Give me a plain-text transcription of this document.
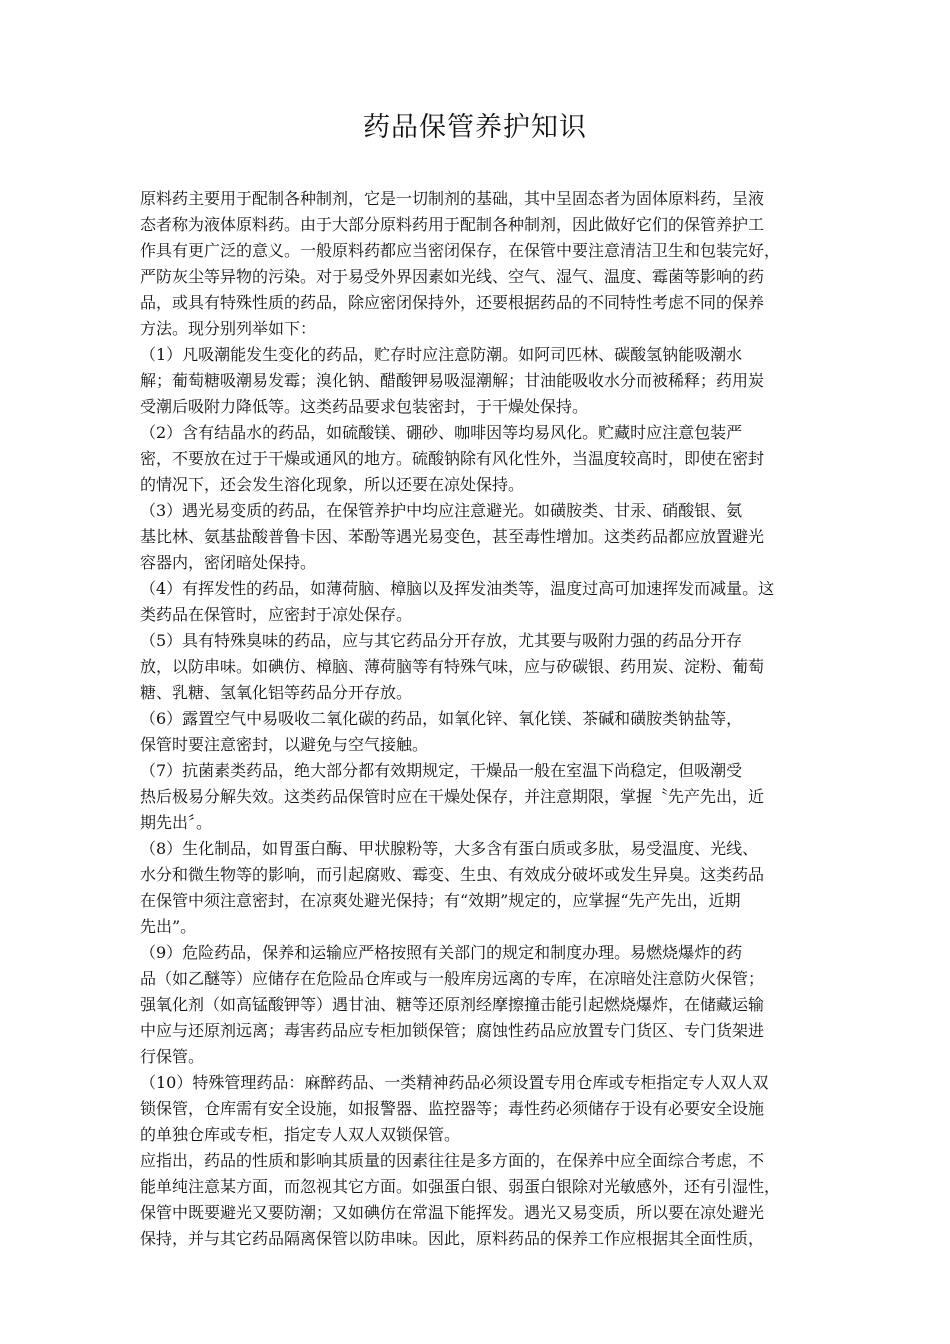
药品保管养护知识
原料药主要用于配制各种制剂，它是一切制剂的基础，其中呈固态者为固体原料药，呈液
态者称为液体原料药。由于大部分原料药用于配制各种制剂，因此做好它们的保管养护工
作具有更广泛的意义。一般原料药都应当密闭保存，在保管中要注意清洁卫生和包装完好，
严防灰尘等异物的污染。对于易受外界因素如光线、空气、湿气、温度、霉菌等影响的药
品，或具有特殊性质的药品，除应密闭保持外，还要根据药品的不同特性考虑不同的保养
方法。现分别列举如下：
（1）凡吸潮能发生变化的药品，贮存时应注意防潮。如阿司匹林、碳酸氢钠能吸潮水
解；葡萄糖吸潮易发霉；溴化钠、醋酸钾易吸湿潮解；甘油能吸收水分而被稀释；药用炭
受潮后吸附力降低等。这类药品要求包装密封，于干燥处保持。
（2）含有结晶水的药品，如硫酸镁、硼砂、咖啡因等均易风化。贮藏时应注意包装严
密，不要放在过于干燥或通风的地方。硫酸钠除有风化性外，当温度较高时，即使在密封
的情况下，还会发生溶化现象，所以还要在凉处保持。
（3）遇光易变质的药品，在保管养护中均应注意避光。如磺胺类、甘汞、硝酸银、氨
基比林、氨基盐酸普鲁卡因、苯酚等遇光易变色，甚至毒性增加。这类药品都应放置避光
容器内，密闭暗处保持。
（4）有挥发性的药品，如薄荷脑、樟脑以及挥发油类等，温度过高可加速挥发而减量。这
类药品在保管时，应密封于凉处保存。
（5）具有特殊臭味的药品，应与其它药品分开存放，尤其要与吸附力强的药品分开存
放，以防串味。如碘仿、樟脑、薄荷脑等有特殊气味，应与矽碳银、药用炭、淀粉、葡萄
糖、乳糖、氢氧化铝等药品分开存放。
（6）露置空气中易吸收二氧化碳的药品，如氧化锌、氧化镁、茶碱和磺胺类钠盐等，
保管时要注意密封，以避免与空气接触。
（7）抗菌素类药品，绝大部分都有效期规定，干燥品一般在室温下尚稳定，但吸潮受
热后极易分解失效。这类药品保管时应在干燥处保存，并注意期限，掌握〝先产先出，近
期先出〞。
（8）生化制品，如胃蛋白酶、甲状腺粉等，大多含有蛋白质或多肽，易受温度、光线、
水分和微生物等的影响，而引起腐败、霉变、生虫、有效成分破坏或发生异臭。这类药品
在保管中须注意密封，在凉爽处避光保持；有“效期”规定的，应掌握“先产先出，近期
先出”。
（9）危险药品，保养和运输应严格按照有关部门的规定和制度办理。易燃烧爆炸的药
品（如乙醚等）应储存在危险品仓库或与一般库房远离的专库，在凉暗处注意防火保管；
强氧化剂（如高锰酸钾等）遇甘油、糖等还原剂经摩擦撞击能引起燃烧爆炸，在储藏运输
中应与还原剂远离；毒害药品应专柜加锁保管；腐蚀性药品应放置专门货区、专门货架进
行保管。
（10）特殊管理药品：麻醉药品、一类精神药品必须设置专用仓库或专柜指定专人双人双
锁保管，仓库需有安全设施，如报警器、监控器等；毒性药必须储存于设有必要安全设施
的单独仓库或专柜，指定专人双人双锁保管。
应指出，药品的性质和影响其质量的因素往往是多方面的，在保养中应全面综合考虑，不
能单纯注意某方面，而忽视其它方面。如强蛋白银、弱蛋白银除对光敏感外，还有引湿性，
保管中既要避光又要防潮；又如碘仿在常温下能挥发。遇光又易变质，所以要在凉处避光
保持，并与其它药品隔离保管以防串味。因此，原料药品的保养工作应根据其全面性质，
